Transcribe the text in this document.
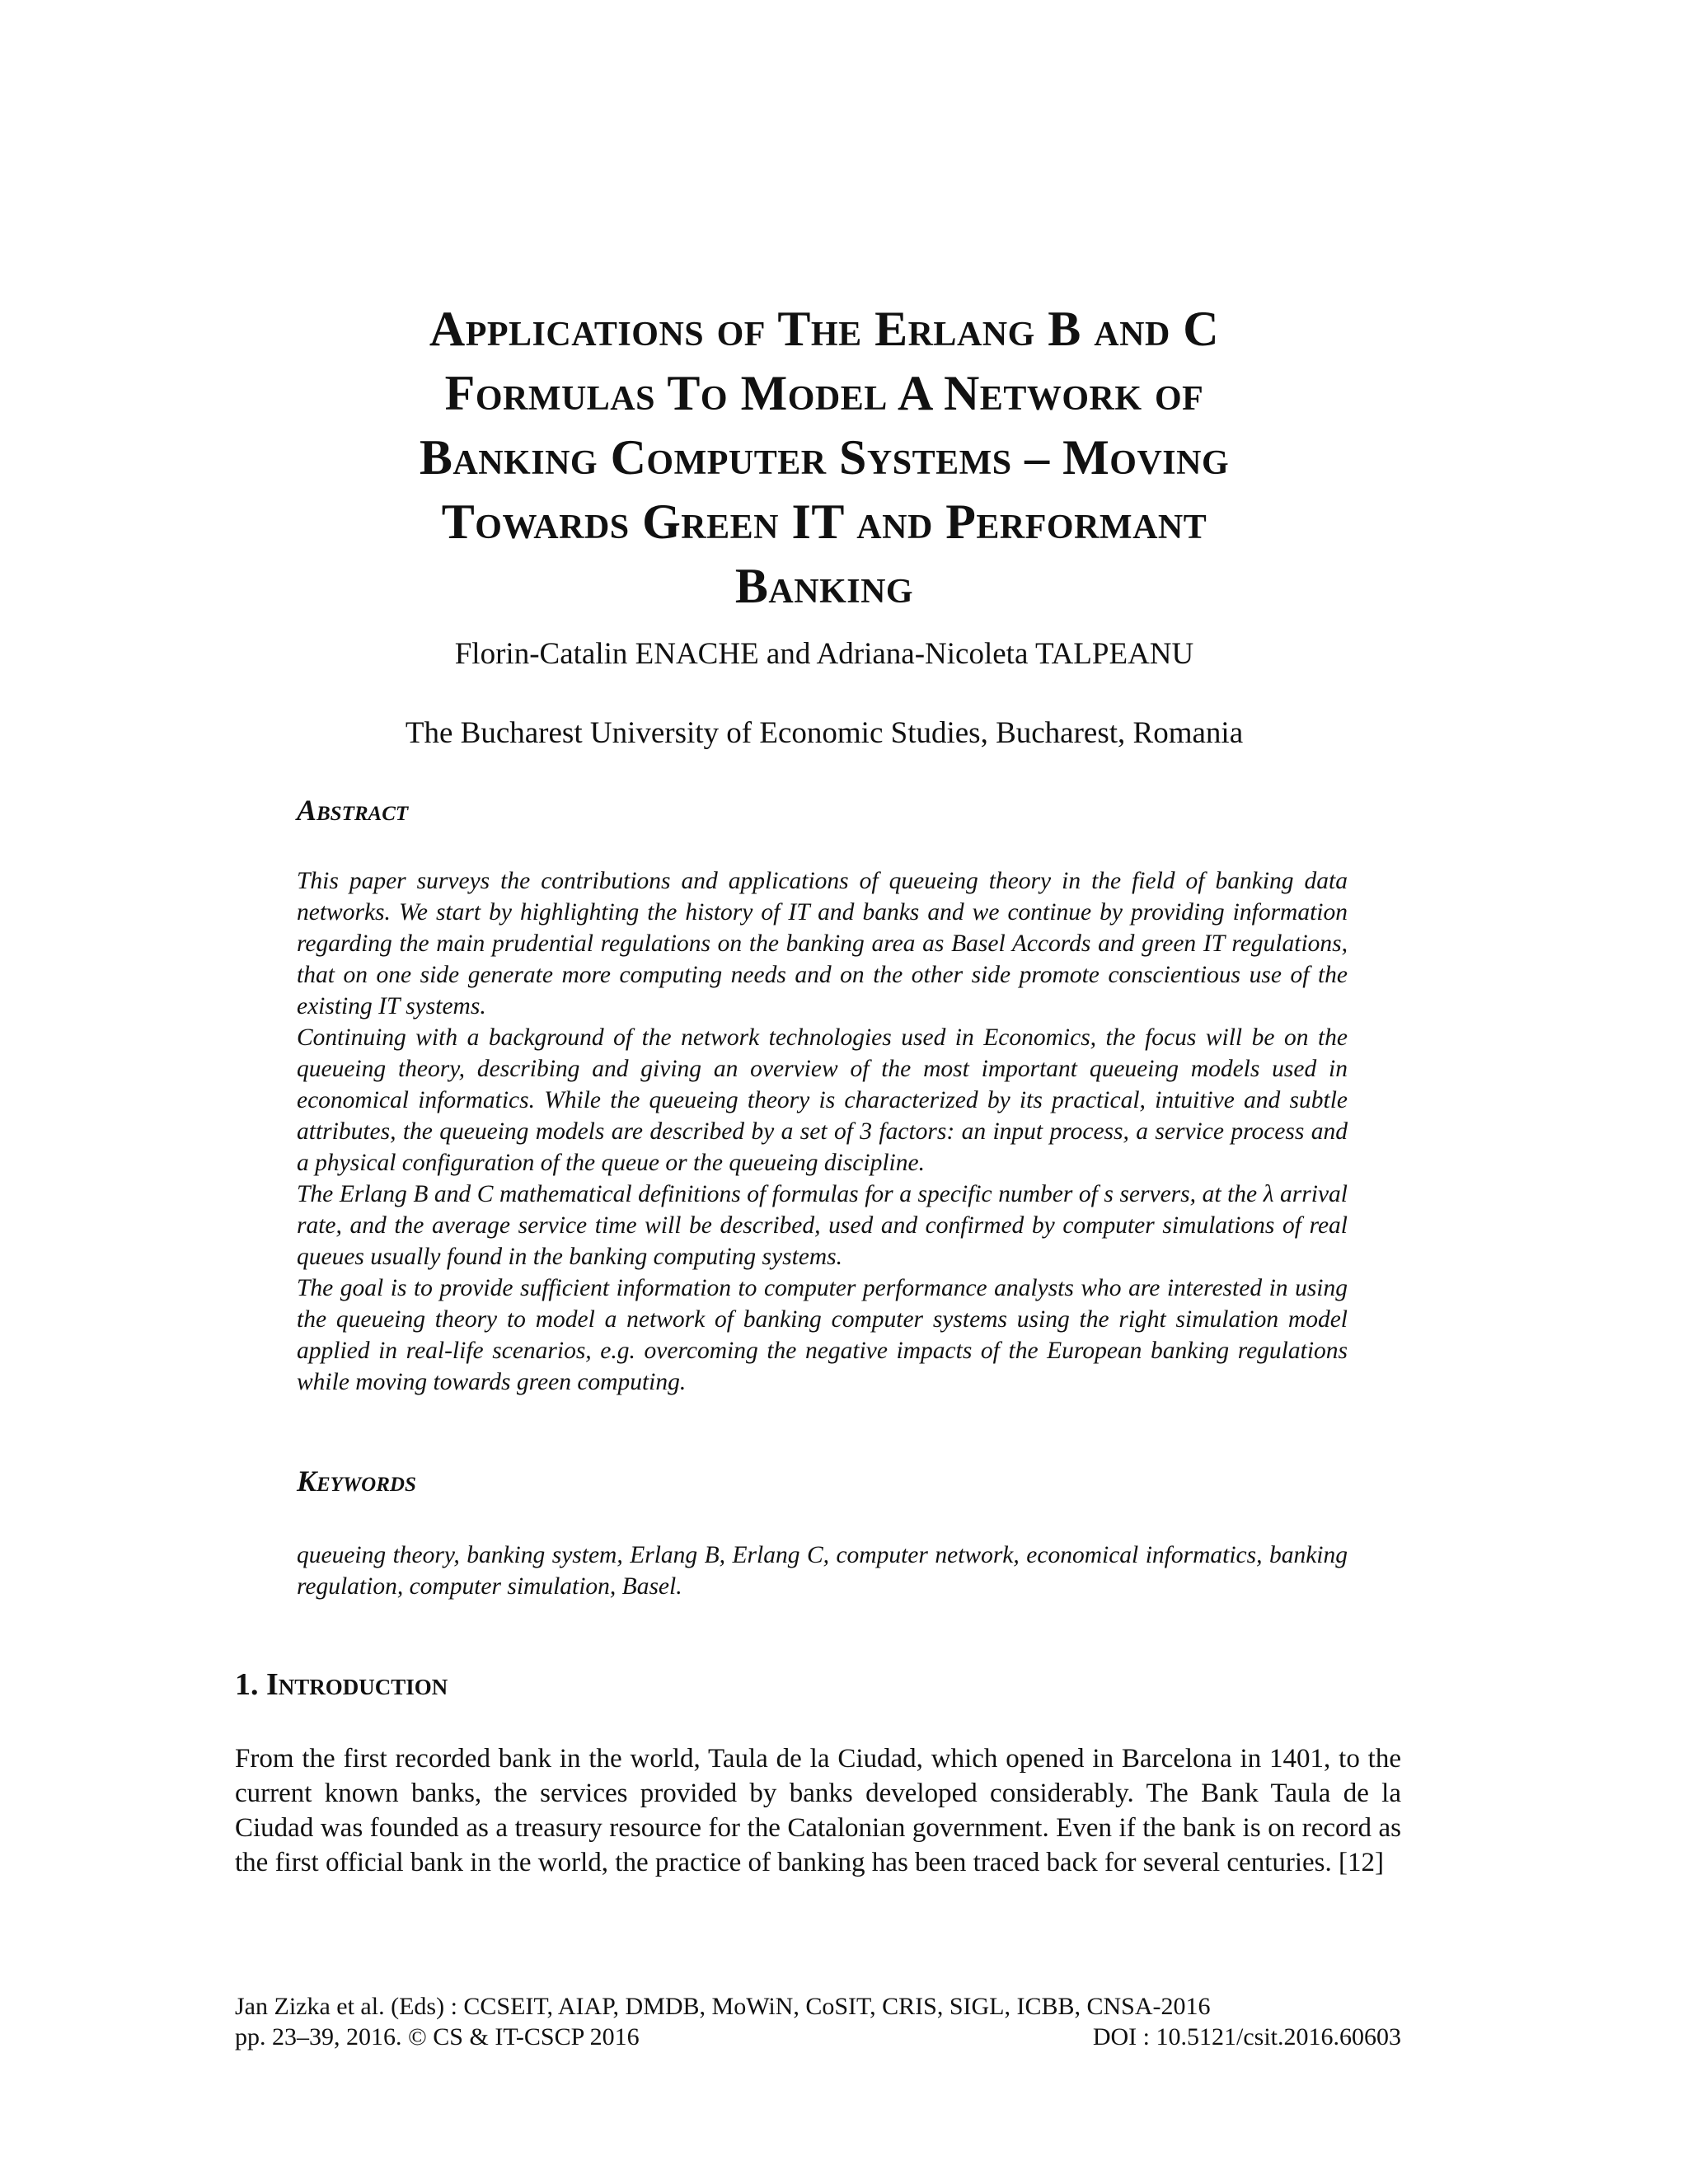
Applications of The Erlang B and C
Formulas To Model A Network of
Banking Computer Systems – Moving
Towards Green IT and Performant
Banking
Florin-Catalin ENACHE and Adriana-Nicoleta TALPEANU
The Bucharest University of Economic Studies, Bucharest, Romania
Abstract

This paper surveys the contributions and applications of queueing theory in the field of banking data networks. We start by highlighting the history of IT and banks and we continue by providing information regarding the main prudential regulations on the banking area as Basel Accords and green IT regulations, that on one side generate more computing needs and on the other side promote conscientious use of the existing IT systems.

Continuing with a background of the network technologies used in Economics, the focus will be on the queueing theory, describing and giving an overview of the most important queueing models used in economical informatics. While the queueing theory is characterized by its practical, intuitive and subtle attributes, the queueing models are described by a set of 3 factors: an input process, a service process and a physical configuration of the queue or the queueing discipline.

The Erlang B and C mathematical definitions of formulas for a specific number of s servers, at the λ arrival rate, and the average service time will be described, used and confirmed by computer simulations of real queues usually found in the banking computing systems.

The goal is to provide sufficient information to computer performance analysts who are interested in using the queueing theory to model a network of banking computer systems using the right simulation model applied in real-life scenarios, e.g. overcoming the negative impacts of the European banking regulations while moving towards green computing.

Keywords
queueing theory, banking system, Erlang B, Erlang C, computer network, economical informatics, banking regulation, computer simulation, Basel.
1. Introduction

From the first recorded bank in the world, Taula de la Ciudad, which opened in Barcelona in 1401, to the current known banks, the services provided by banks developed considerably. The Bank Taula de la Ciudad was founded as a treasury resource for the Catalonian government. Even if the bank is on record as the first official bank in the world, the practice of banking has been traced back for several centuries. [12]

Jan Zizka et al. (Eds) : CCSEIT, AIAP, DMDB, MoWiN, CoSIT, CRIS, SIGL, ICBB, CNSA-2016
pp. 23–39, 2016. © CS & IT-CSCP 2016	DOI : 10.5121/csit.2016.60603
